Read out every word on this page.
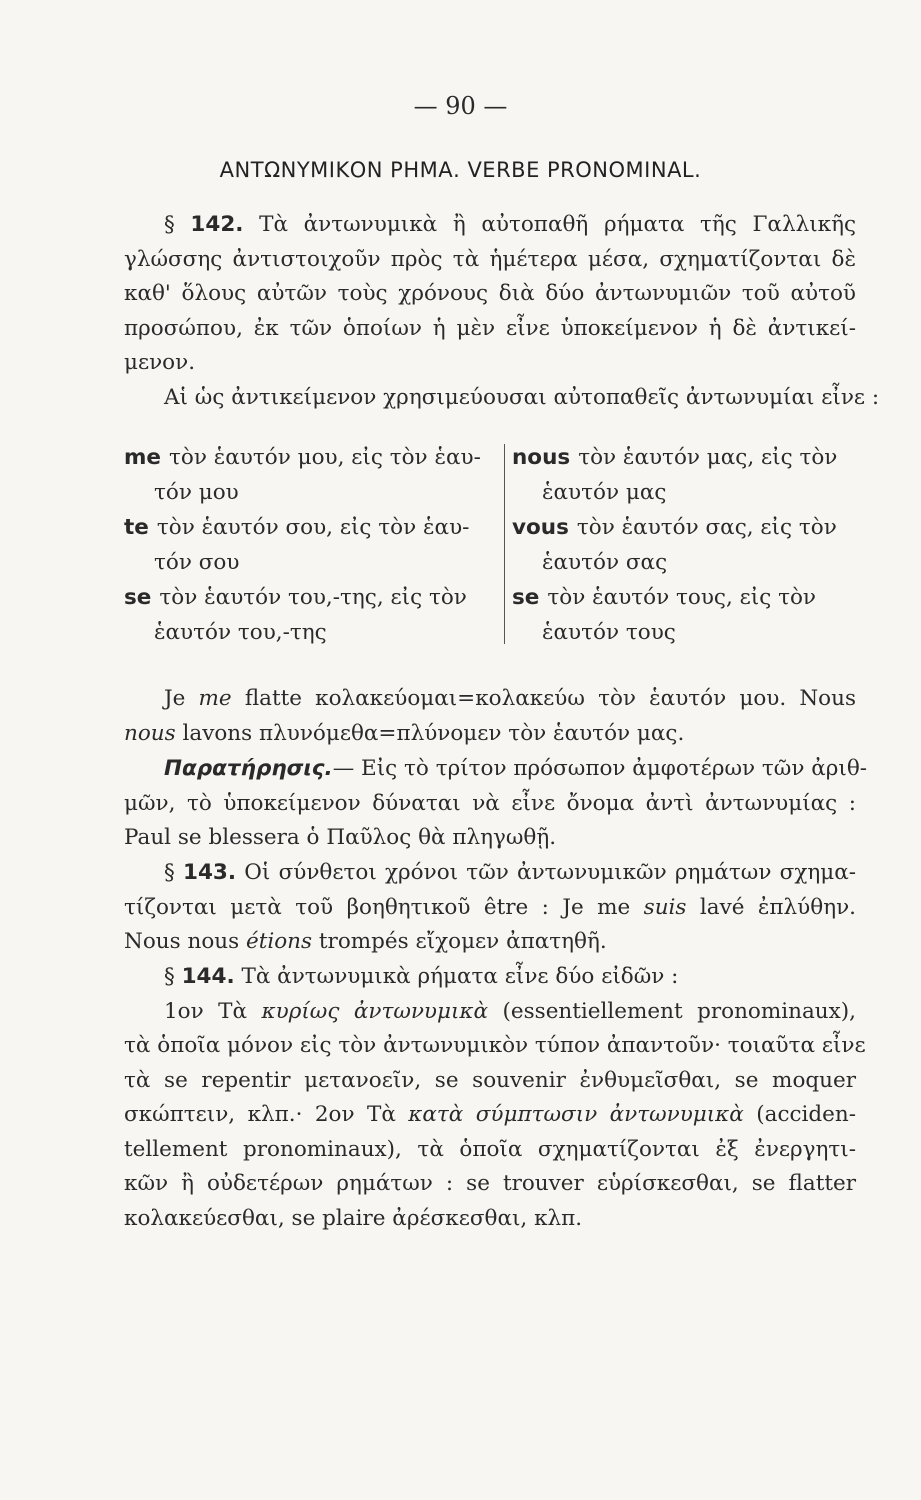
— 90 —
ΑΝΤΩΝΥΜΙΚΟΝ ΡΗΜΑ. VERBE PRONOMINAL.
§ 142. Τὰ ἀντωνυμικὰ ἢ αὐτοπαθῆ ρήματα τῆς Γαλλικῆς
γλώσσης ἀντιστοιχοῦν πρὸς τὰ ἡμέτερα μέσα, σχηματίζονται δὲ
καθ' ὅλους αὐτῶν τοὺς χρόνους διὰ δύο ἀντωνυμιῶν τοῦ αὐτοῦ
προσώπου, ἐκ τῶν ὁποίων ἡ μὲν εἶνε ὑποκείμενον ἡ δὲ ἀντικεί-
μενον.
Αἱ ὡς ἀντικείμενον χρησιμεύουσαι αὐτοπαθεῖς ἀντωνυμίαι εἶνε :
me τὸν ἑαυτόν μου, εἰς τὸν ἑαυ-
τόν μου
te τὸν ἑαυτόν σου, εἰς τὸν ἑαυ-
τόν σου
se τὸν ἑαυτόν του,-της, εἰς τὸν
ἑαυτόν του,-της
nous τὸν ἑαυτόν μας, εἰς τὸν
ἑαυτόν μας
vous τὸν ἑαυτόν σας, εἰς τὸν
ἑαυτόν σας
se τὸν ἑαυτόν τους, εἰς τὸν
ἑαυτόν τους
Je me flatte κολακεύομαι=κολακεύω τὸν ἑαυτόν μου. Nous
nous lavons πλυνόμεθα=πλύνομεν τὸν ἑαυτόν μας.
Παρατήρησις.— Εἰς τὸ τρίτον πρόσωπον ἀμφοτέρων τῶν ἀριθ-
μῶν, τὸ ὑποκείμενον δύναται νὰ εἶνε ὄνομα ἀντὶ ἀντωνυμίας :
Paul se blessera ὁ Παῦλος θὰ πληγωθῇ.
§ 143. Οἱ σύνθετοι χρόνοι τῶν ἀντωνυμικῶν ρημάτων σχημα-
τίζονται μετὰ τοῦ βοηθητικοῦ être : Je me suis lavé ἐπλύθην.
Nous nous étions trompés εἴχομεν ἀπατηθῆ.
§ 144. Τὰ ἀντωνυμικὰ ρήματα εἶνε δύο εἰδῶν :
1ον Τὰ κυρίως ἀντωνυμικὰ (essentiellement pronominaux),
τὰ ὁποῖα μόνον εἰς τὸν ἀντωνυμικὸν τύπον ἀπαντοῦν· τοιαῦτα εἶνε
τὰ se repentir μετανοεῖν, se souvenir ἐνθυμεῖσθαι, se moquer
σκώπτειν, κλπ.· 2ον Τὰ κατὰ σύμπτωσιν ἀντωνυμικὰ (acciden-
tellement pronominaux), τὰ ὁποῖα σχηματίζονται ἐξ ἐνεργητι-
κῶν ἢ οὐδετέρων ρημάτων : se trouver εὑρίσκεσθαι, se flatter
κολακεύεσθαι, se plaire ἀρέσκεσθαι, κλπ.
